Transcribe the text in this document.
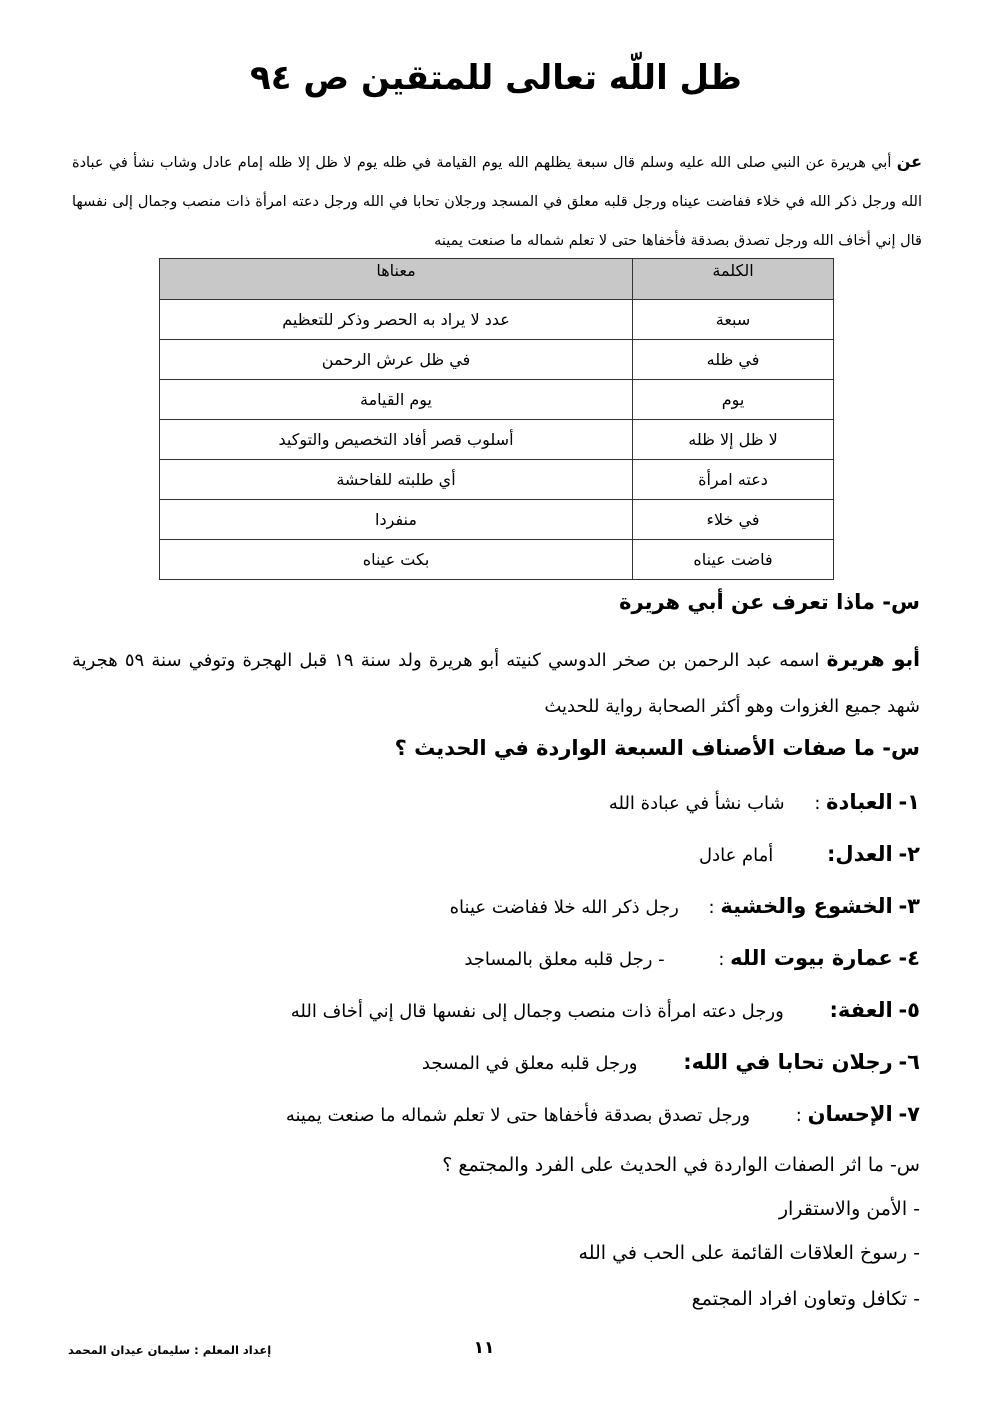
ظل اللّه تعالى للمتقين ص ٩٤
عن أبي هريرة عن النبي صلى الله عليه وسلم قال سبعة يظلهم الله يوم القيامة في ظله يوم لا ظل إلا ظله إمام عادل وشاب نشأ في عبادة الله ورجل ذكر الله في خلاء ففاضت عيناه ورجل قلبه معلق في المسجد ورجلان تحابا في الله ورجل دعته امرأة ذات منصب وجمال إلى نفسها قال إني أخاف الله ورجل تصدق بصدقة فأخفاها حتى لا تعلم شماله ما صنعت يمينه
الكلمة	معناها
سبعة	عدد لا يراد به الحصر وذكر للتعظيم
في ظله	في ظل عرش الرحمن
يوم	يوم القيامة
لا ظل إلا ظله	أسلوب قصر أفاد التخصيص والتوكيد
دعته امرأة	أي طلبته للفاحشة
في خلاء	منفردا
فاضت عيناه	بكت عيناه
س- ماذا تعرف عن أبي هريرة
أبو هريرة اسمه عبد الرحمن بن صخر الدوسي كنيته أبو هريرة ولد سنة ١٩ قبل الهجرة وتوفي سنة ٥٩ هجرية شهد جميع الغزوات وهو أكثر الصحابة رواية للحديث
س- ما صفات الأصناف السبعة الواردة في الحديث ؟
١- العبادة : شاب نشأ في عبادة الله
٢- العدل: أمام عادل
٣- الخشوع والخشية : رجل ذكر الله خلا ففاضت عيناه
٤- عمارة بيوت الله : - رجل قلبه معلق بالمساجد
٥- العفة: ورجل دعته امرأة ذات منصب وجمال إلى نفسها قال إني أخاف الله
٦- رجلان تحابا في الله: ورجل قلبه معلق في المسجد
٧- الإحسان : ورجل تصدق بصدقة فأخفاها حتى لا تعلم شماله ما صنعت يمينه
س- ما اثر الصفات الواردة في الحديث على الفرد والمجتمع ؟
- الأمن والاستقرار
- رسوخ العلاقات القائمة على الحب في الله
- تكافل وتعاون افراد المجتمع
إعداد المعلم : سليمان عيدان المحمد	١١
